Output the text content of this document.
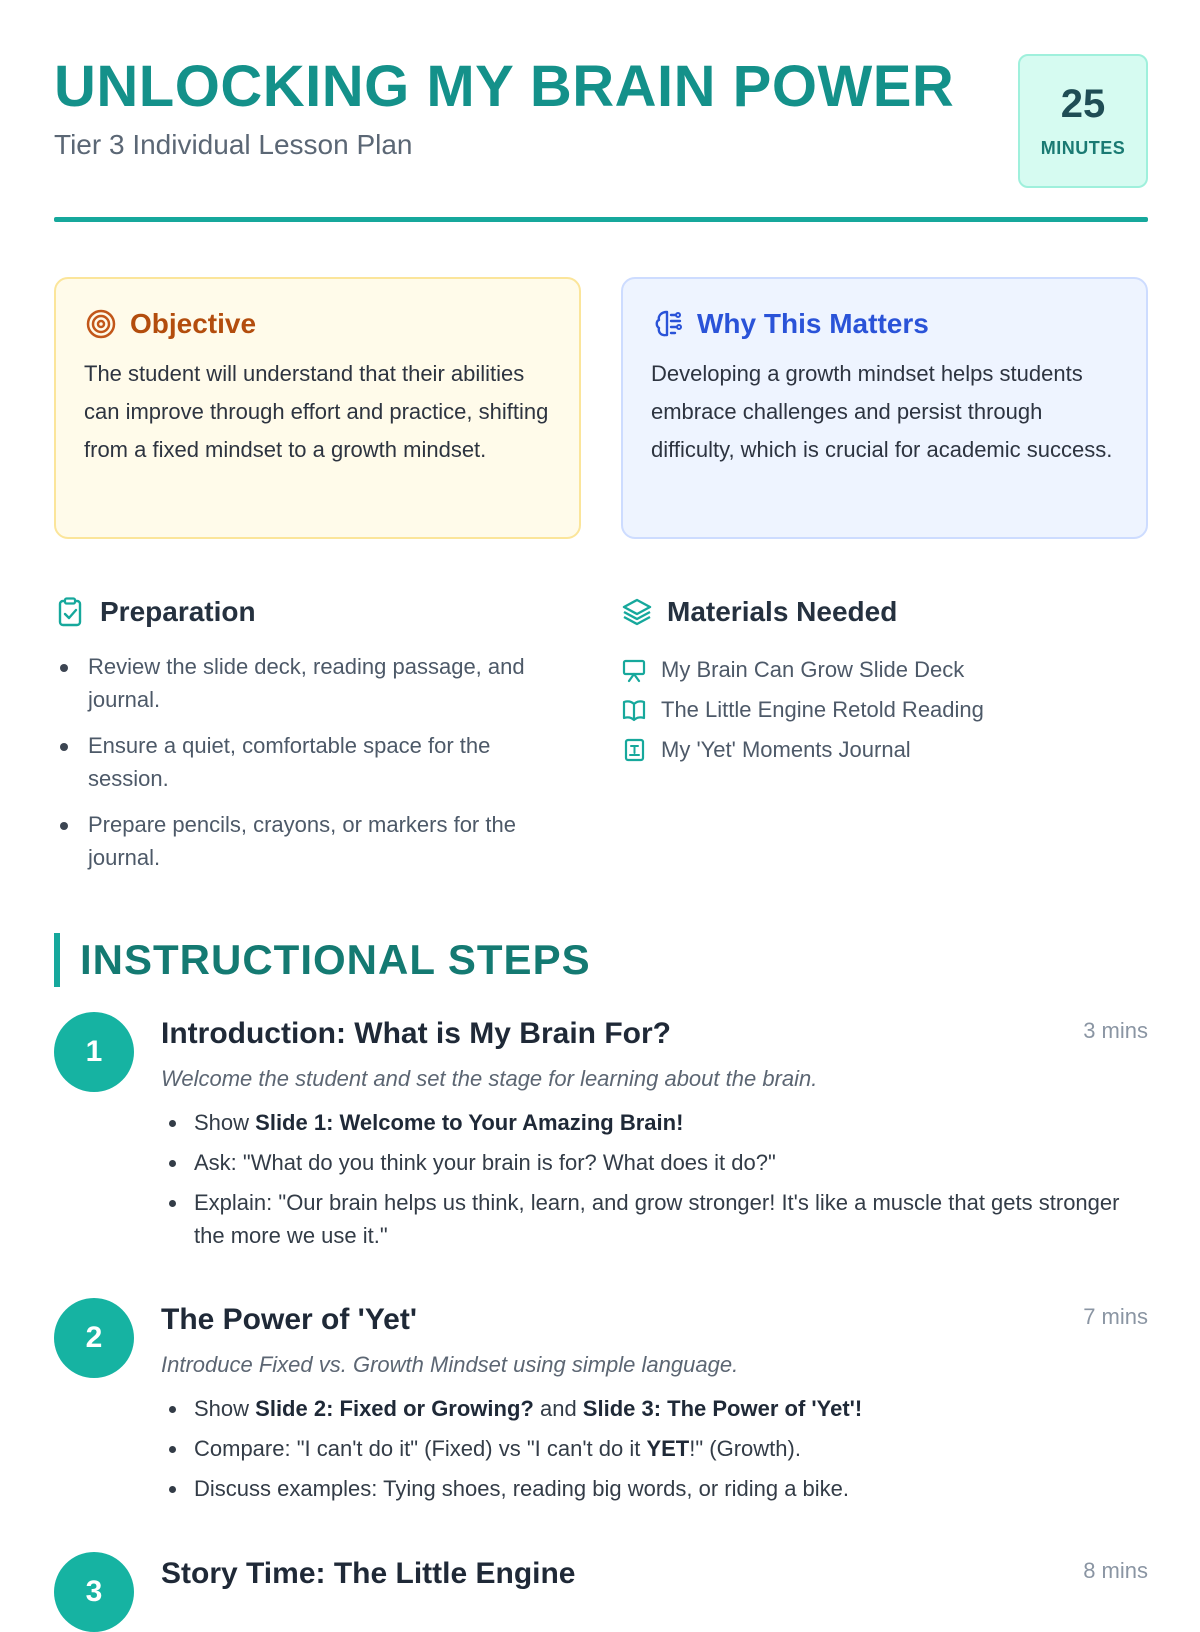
UNLOCKING MY BRAIN POWER
Tier 3 Individual Lesson Plan
25
MINUTES
Objective
The student will understand that their abilities can improve through effort and practice, shifting from a fixed mindset to a growth mindset.
Why This Matters
Developing a growth mindset helps students embrace challenges and persist through difficulty, which is crucial for academic success.
Preparation
Review the slide deck, reading passage, and journal.
Ensure a quiet, comfortable space for the session.
Prepare pencils, crayons, or markers for the journal.
Materials Needed
My Brain Can Grow Slide Deck
The Little Engine Retold Reading
My 'Yet' Moments Journal
INSTRUCTIONAL STEPS
1
Introduction: What is My Brain For?	3 mins
Welcome the student and set the stage for learning about the brain.
Show Slide 1: Welcome to Your Amazing Brain!
Ask: "What do you think your brain is for? What does it do?"
Explain: "Our brain helps us think, learn, and grow stronger! It's like a muscle that gets stronger the more we use it."
2
The Power of 'Yet'	7 mins
Introduce Fixed vs. Growth Mindset using simple language.
Show Slide 2: Fixed or Growing? and Slide 3: The Power of 'Yet'!
Compare: "I can't do it" (Fixed) vs "I can't do it YET!" (Growth).
Discuss examples: Tying shoes, reading big words, or riding a bike.
3
Story Time: The Little Engine	8 mins
